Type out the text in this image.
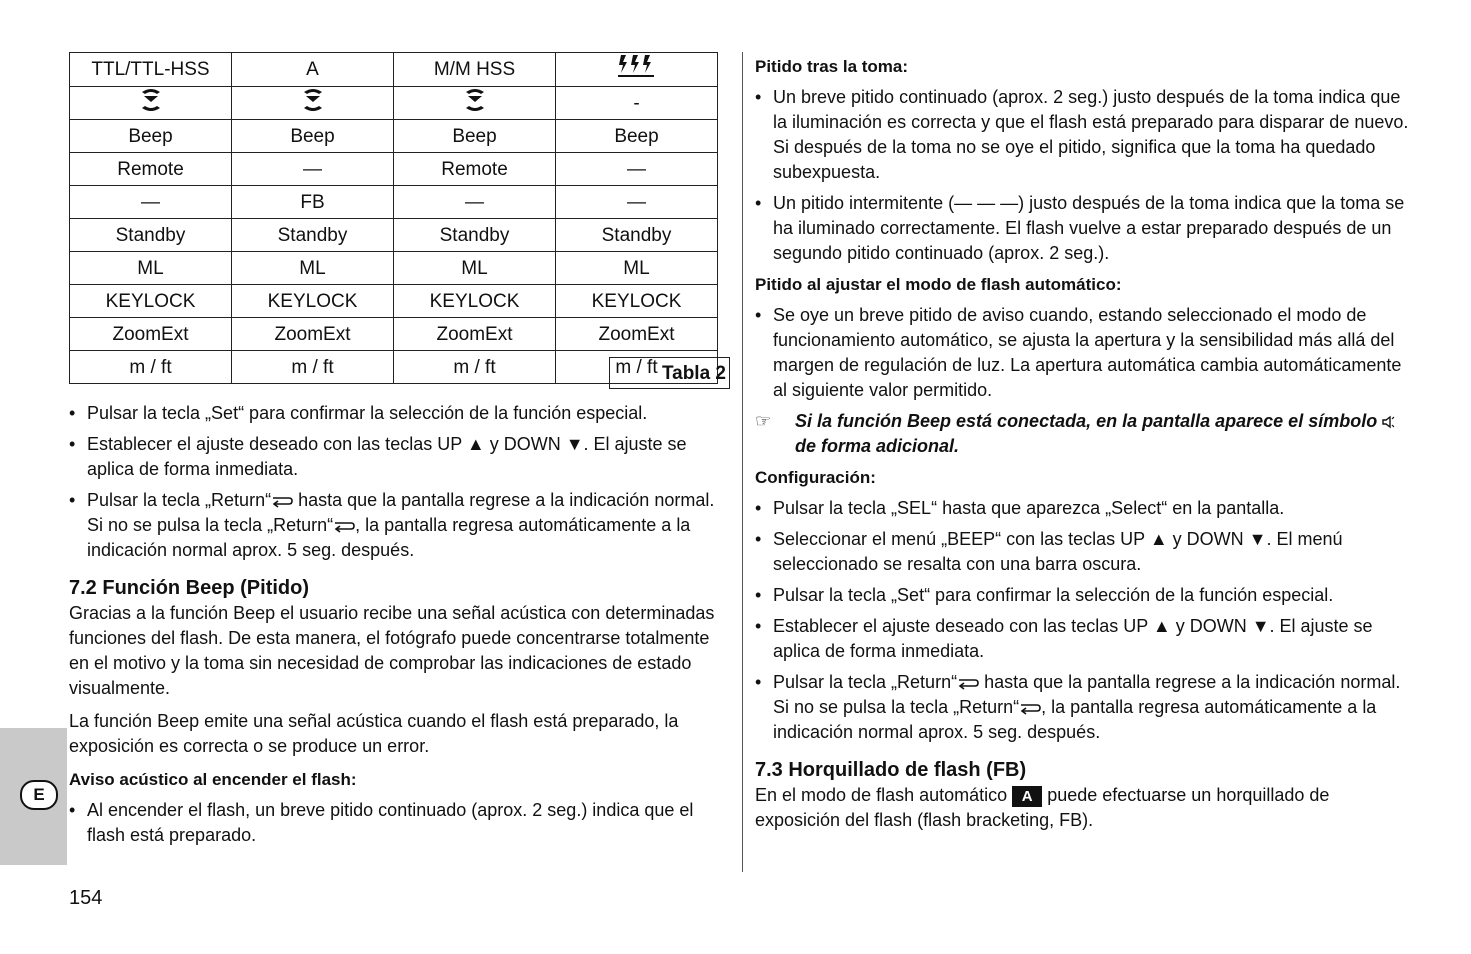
TTL/TTL-HSS	A	M/M HSS	
			-
Beep	Beep	Beep	Beep
Remote	—	Remote	—
—	FB	—	—
Standby	Standby	Standby	Standby
ML	ML	ML	ML
KEYLOCK	KEYLOCK	KEYLOCK	KEYLOCK
ZoomExt	ZoomExt	ZoomExt	ZoomExt
m / ft	m / ft	m / ft	m / ft Tabla 2
• Pulsar la tecla „Set“ para confirmar la selección de la función especial.
• Establecer el ajuste deseado con las teclas UP ▲ y DOWN ▼. El ajuste se aplica de forma inmediata.
• Pulsar la tecla „Return“ hasta que la pantalla regrese a la indicación normal. Si no se pulsa la tecla „Return“ , la pantalla regresa automáticamente a la indicación normal aprox. 5 seg. después.
7.2 Función Beep (Pitido)

Gracias a la función Beep el usuario recibe una señal acústica con determinadas funciones del flash. De esta manera, el fotógrafo puede concentrarse totalmente en el motivo y la toma sin necesidad de comprobar las indicaciones de estado visualmente.

La función Beep emite una señal acústica cuando el flash está preparado, la exposición es correcta o se produce un error.

Aviso acústico al encender el flash:

• Al encender el flash, un breve pitido continuado (aprox. 2 seg.) indica que el flash está preparado.

Pitido tras la toma:

• Un breve pitido continuado (aprox. 2 seg.) justo después de la toma indica que la iluminación es correcta y que el flash está preparado para disparar de nuevo. Si después de la toma no se oye el pitido, significa que la toma ha quedado subexpuesta.
• Un pitido intermitente (— — —) justo después de la toma indica que la toma se ha iluminado correctamente. El flash vuelve a estar preparado después de un segundo pitido continuado (aprox. 2 seg.).

Pitido al ajustar el modo de flash automático:

• Se oye un breve pitido de aviso cuando, estando seleccionado el modo de funcionamiento automático, se ajusta la apertura y la sensibilidad más allá del margen de regulación de luz. La apertura automática cambia automáticamente al siguiente valor permitido.
☞	Si la función Beep está conectada, en la pantalla aparece el símbolo
de forma adicional.

Configuración:

• Pulsar la tecla „SEL“ hasta que aparezca „Select“ en la pantalla.
• Seleccionar el menú „BEEP“ con las teclas UP ▲ y DOWN ▼. El menú seleccionado se resalta con una barra oscura.
• Pulsar la tecla „Set“ para confirmar la selección de la función especial.
• Establecer el ajuste deseado con las teclas UP ▲ y DOWN ▼. El ajuste se aplica de forma inmediata.
• Pulsar la tecla „Return“ hasta que la pantalla regrese a la indicación normal. Si no se pulsa la tecla „Return“ , la pantalla regresa automáticamente a la indicación normal aprox. 5 seg. después.
7.3 Horquillado de flash (FB)

En el modo de flash automático A puede efectuarse un horquillado de exposición del flash (flash bracketing, FB).

E
154
